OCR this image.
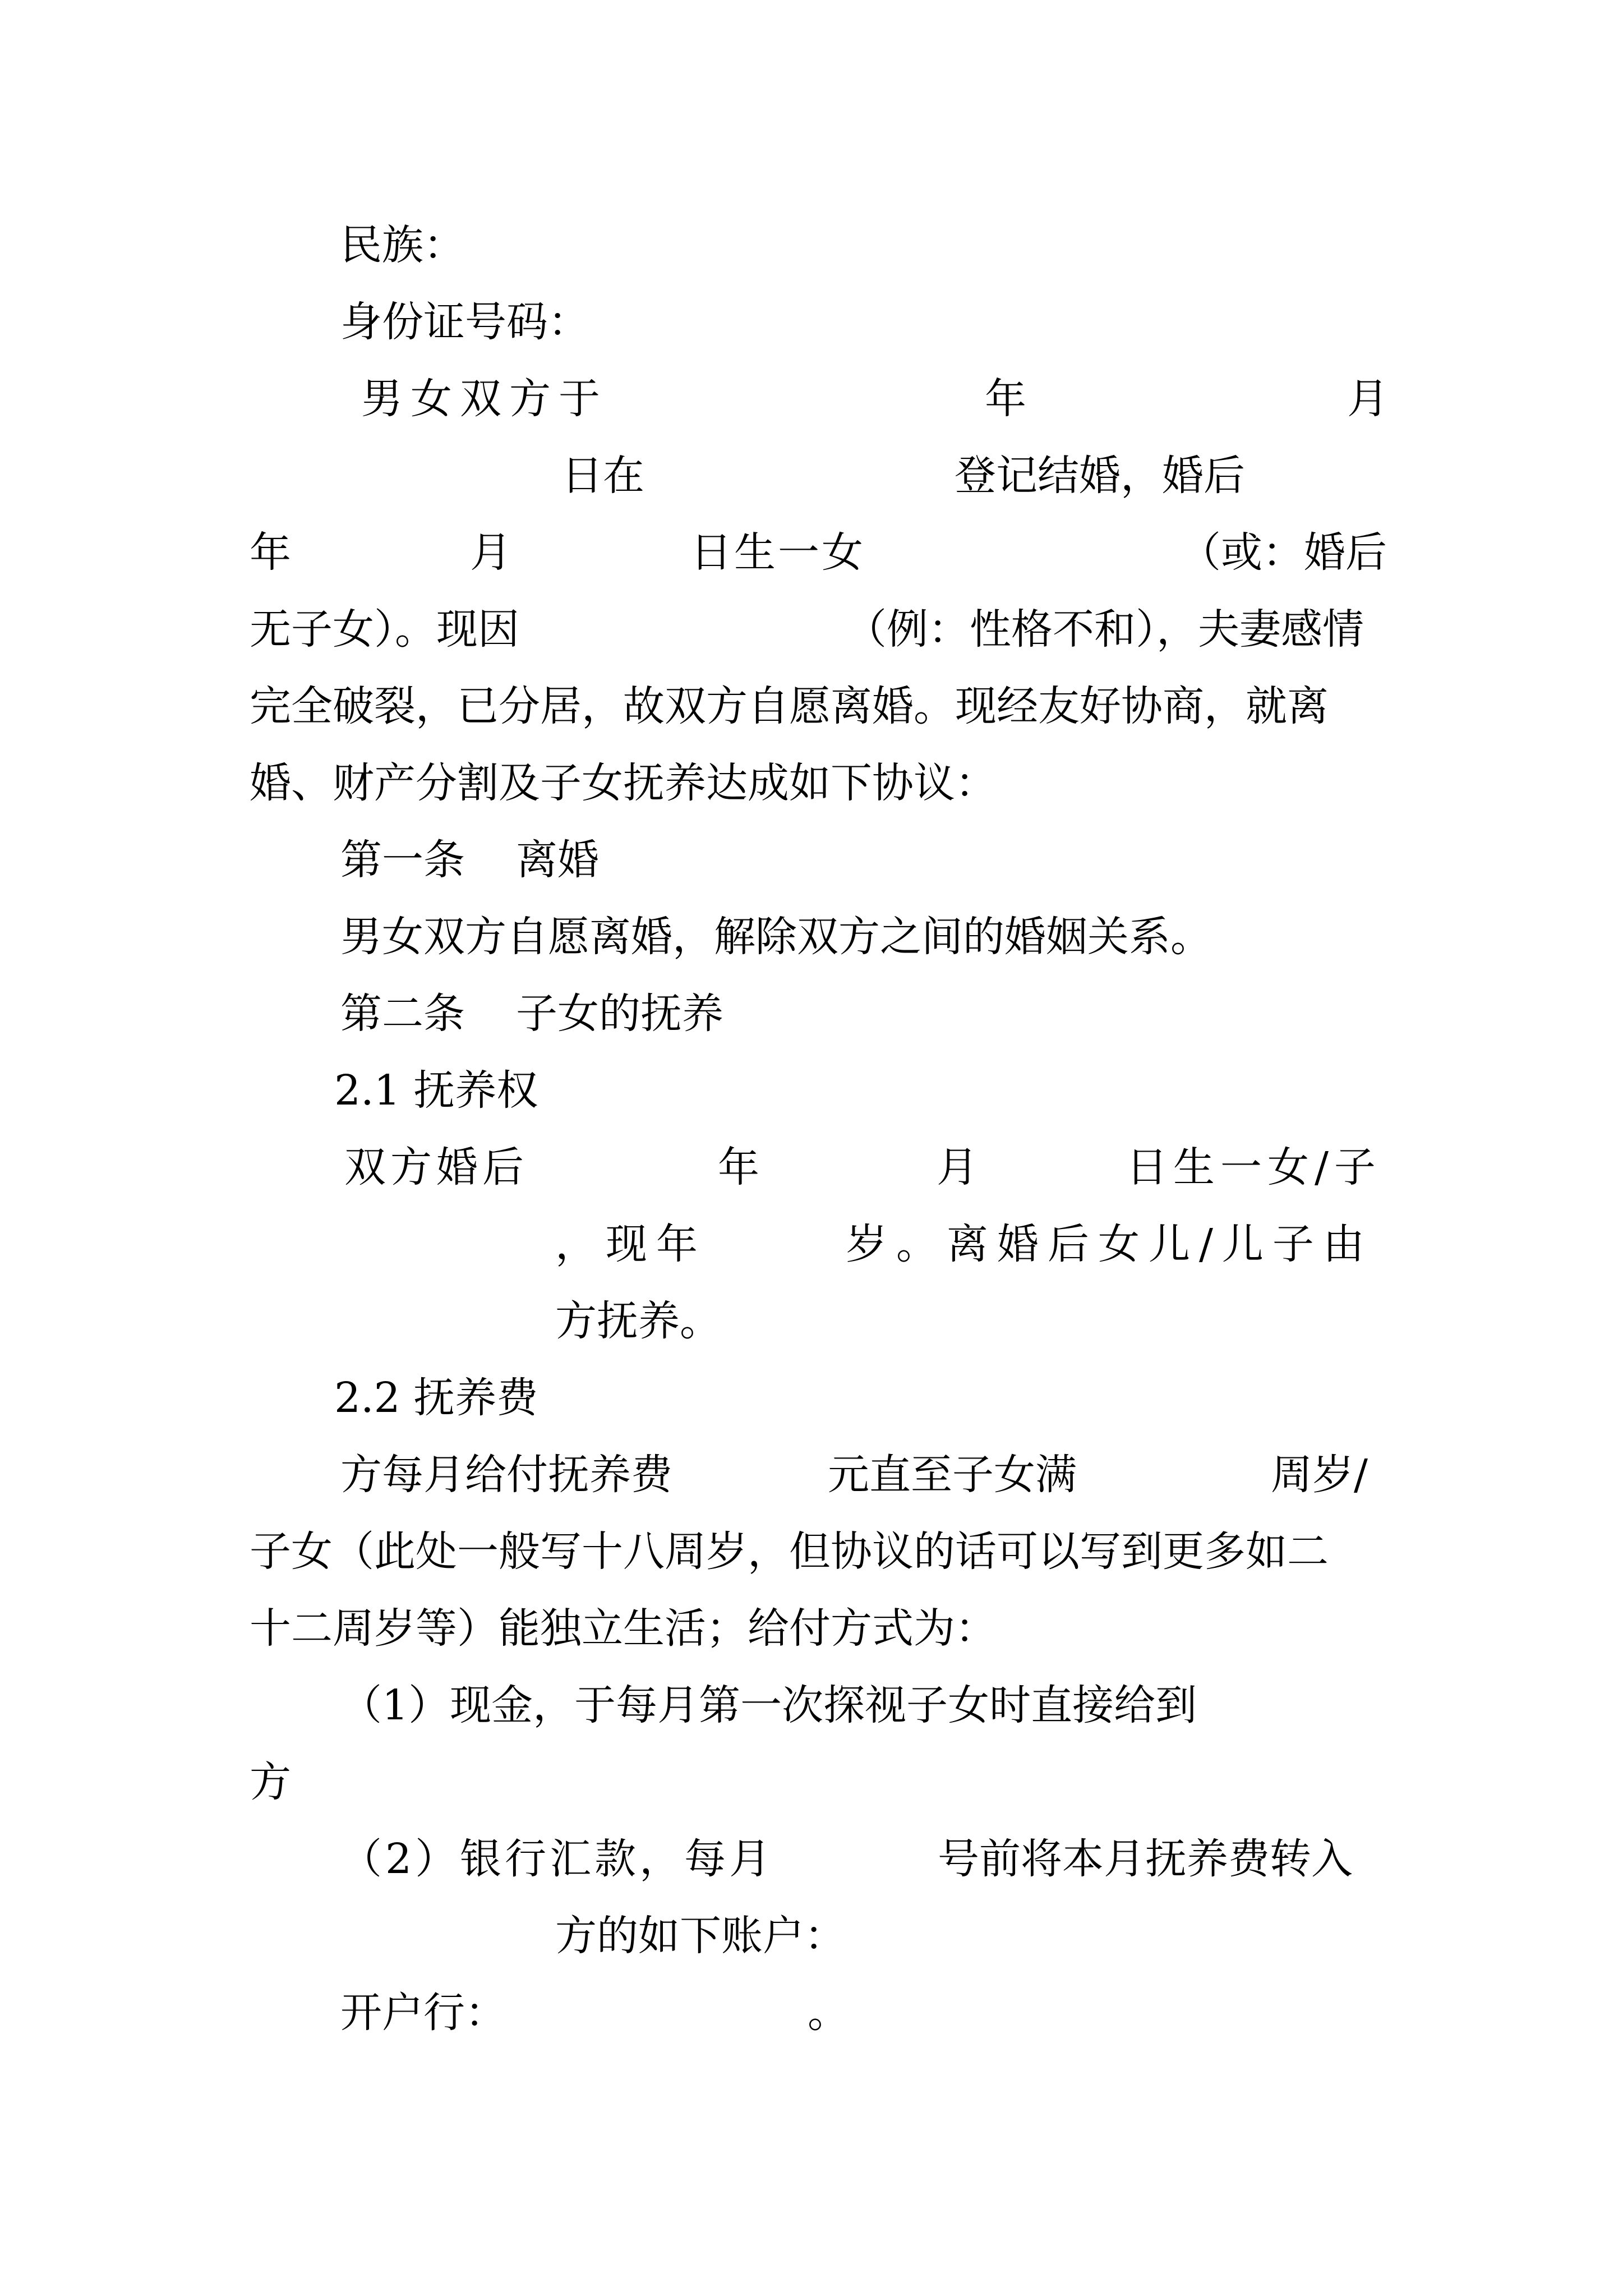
民族：
身份证号码：
男女双方于	年	月
日在	登记结婚，婚后
年	月	日生一女	（或：婚后
无子女）。现因	（例：性格不和），夫妻感情
完全破裂，已分居，故双方自愿离婚。现经友好协商，就离
婚、财产分割及子女抚养达成如下协议：
第一条 离婚
男女双方自愿离婚，解除双方之间的婚姻关系。
第二条 子女的抚养
2.1 抚养权
双方婚后	年	月	日生一女/子
，现年	岁。离婚后女儿/儿子由
方抚养。
2.2 抚养费
方每月给付抚养费	元直至子女满	周岁/
子女（此处一般写十八周岁，但协议的话可以写到更多如二
十二周岁等）能独立生活；给付方式为：
（1）现金，于每月第一次探视子女时直接给到
方
（2）银行汇款，每月	号前将本月抚养费转入
方的如下账户：
开户行：	。
